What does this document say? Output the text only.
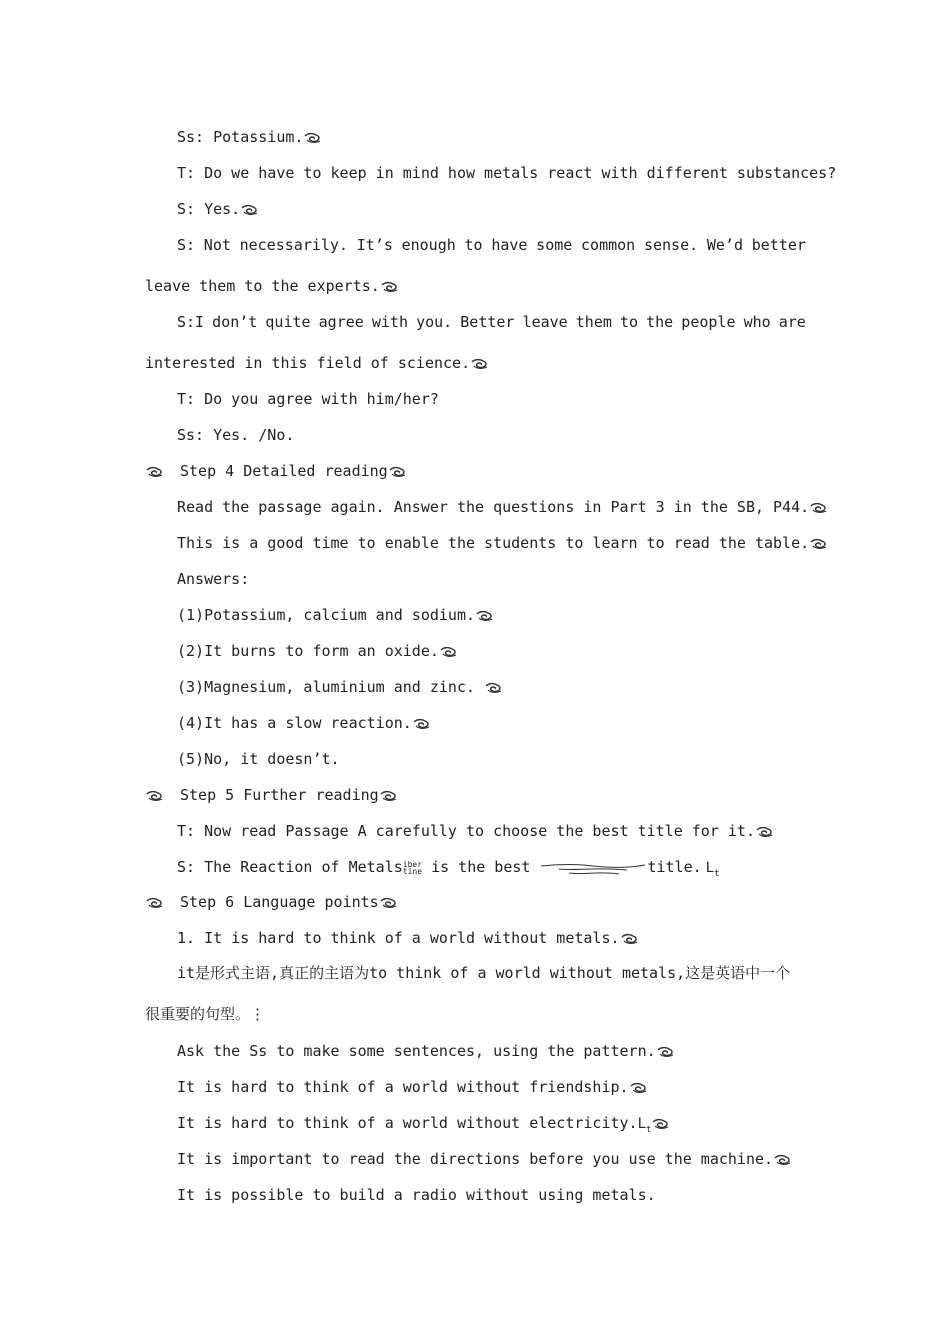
Ss: Potassium.
T: Do we have to keep in mind how metals react with different substances?
S: Yes.
S: Not necessarily. It’s enough to have some common sense. We’d better
leave them to the experts.
S:I don’t quite agree with you. Better leave them to the people who are
interested in this field of science.
T: Do you agree with him/her?
Ss: Yes. /No.
Step 4 Detailed reading
Read the passage again. Answer the questions in Part 3 in the SB, P44.
This is a good time to enable the students to learn to read the table.
Answers:
(1)Potassium, calcium and sodium.
(2)It burns to form an oxide.
(3)Magnesium, aluminium and zinc.
(4)It has a slow reaction.
(5)No, it doesn’t.
Step 5 Further reading
T: Now read Passage A carefully to choose the best title for it.
S: The Reaction of Metalsiber
tine is the best	title. $L_t$
Step 6 Language points
1. It is hard to think of a world without metals.
it是形式主语,真正的主语为to think of a world without metals,这是英语中一个
很重要的句型。⋮
Ask the Ss to make some sentences, using the pattern.
It is hard to think of a world without friendship.
It is hard to think of a world without $electricity.L_t$
It is important to read the directions before you use the machine.
It is possible to build a radio without using metals.
